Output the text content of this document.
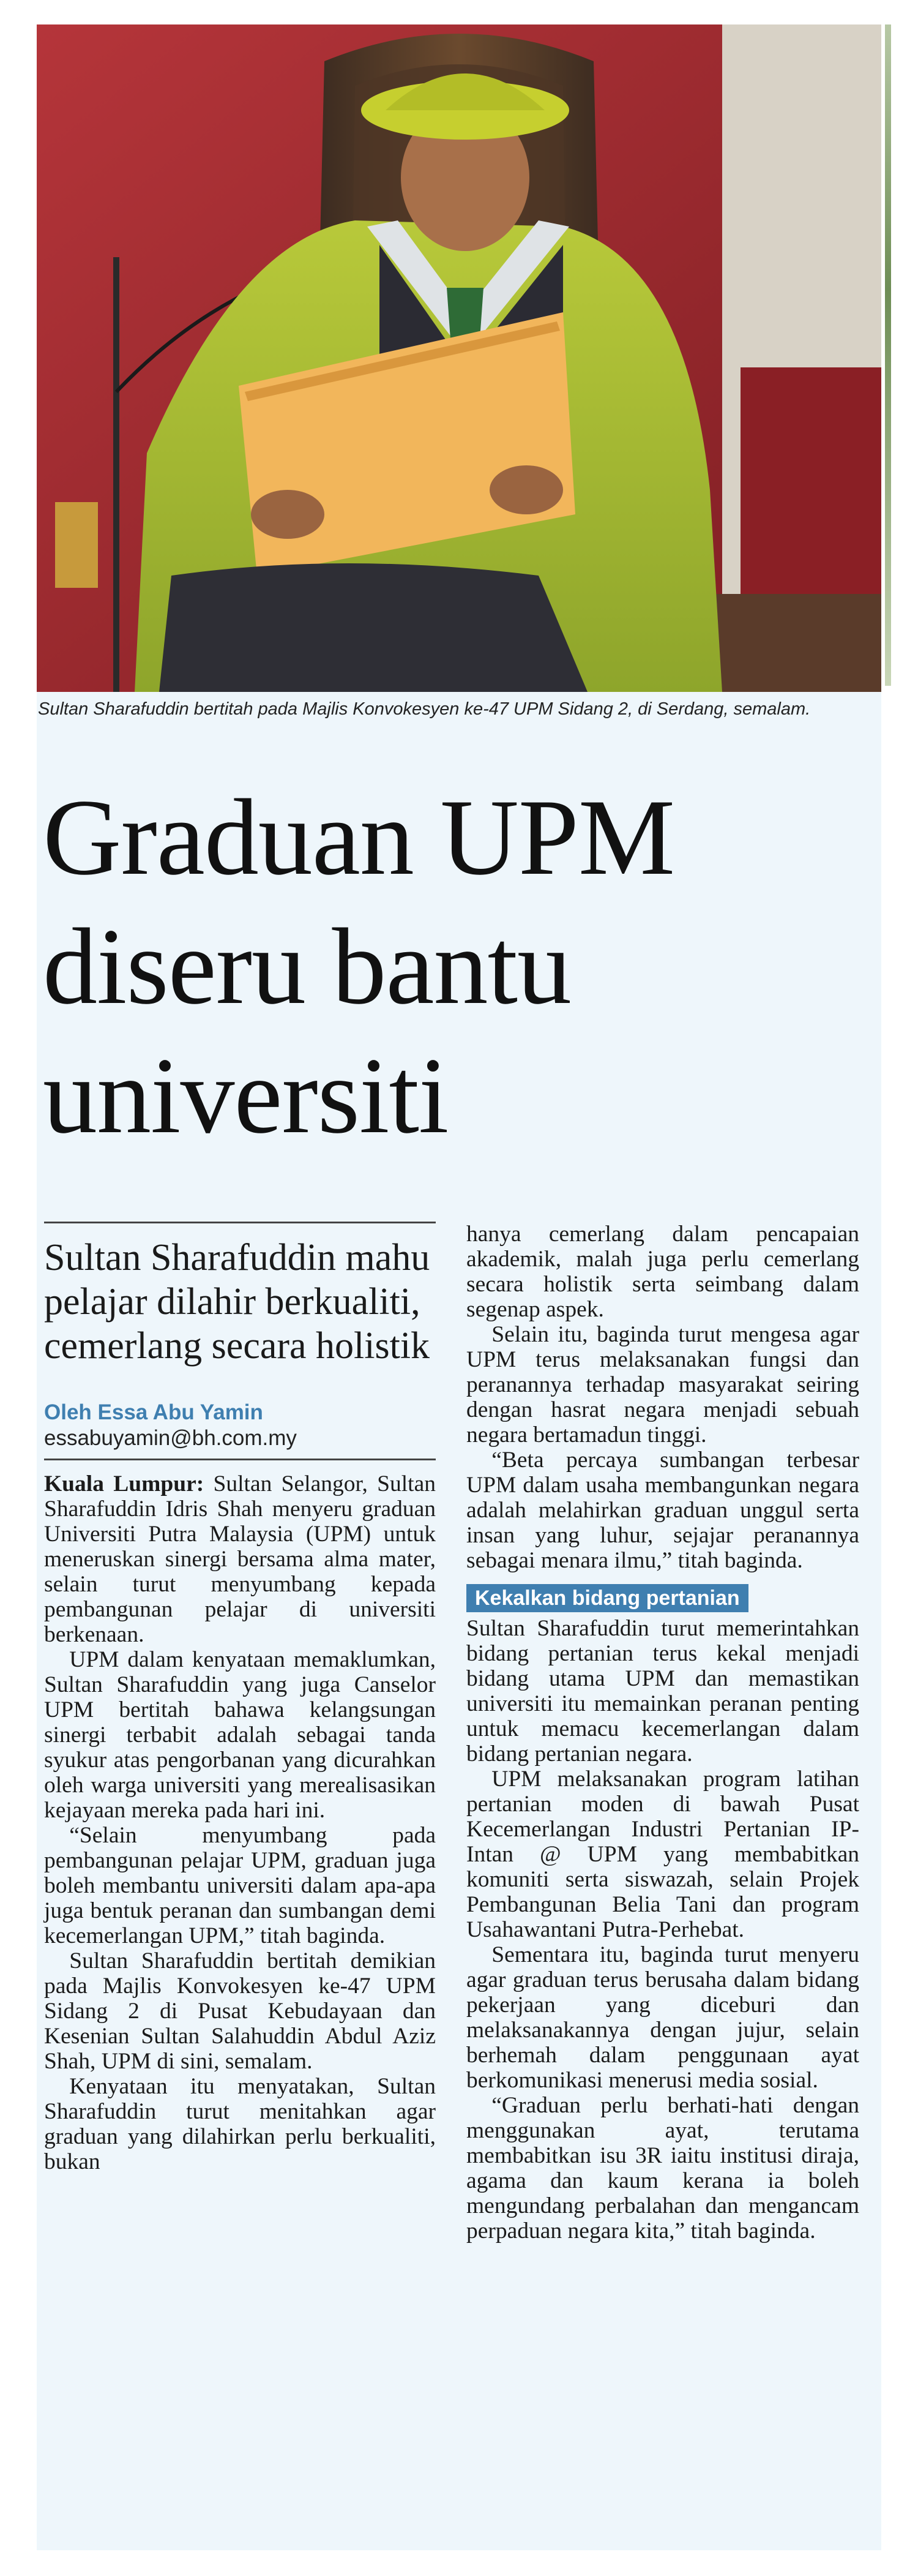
Sultan Sharafuddin bertitah pada Majlis Konvokesyen ke-47 UPM Sidang 2, di Serdang, semalam.
Graduan UPM diseru bantu universiti
Sultan Sharafuddin mahu pelajar dilahir berkualiti, cemerlang secara holistik
Oleh Essa Abu Yamin
essabuyamin@bh.com.my

Kuala Lumpur: Sultan Selangor, Sultan Sharafuddin Idris Shah menyeru graduan Universiti Putra Malaysia (UPM) untuk meneruskan sinergi bersama alma mater, selain turut menyumbang kepada pembangunan pelajar di universiti berkenaan.

UPM dalam kenyataan memaklumkan, Sultan Sharafuddin yang juga Canselor UPM bertitah bahawa kelangsungan sinergi terbabit adalah sebagai tanda syukur atas pengorbanan yang dicurahkan oleh warga universiti yang merealisasikan kejayaan mereka pada hari ini.

“Selain menyumbang pada pembangunan pelajar UPM, graduan juga boleh membantu universiti dalam apa-apa juga bentuk peranan dan sumbangan demi kecemerlangan UPM,” titah baginda.

Sultan Sharafuddin bertitah demikian pada Majlis Konvokesyen ke-47 UPM Sidang 2 di Pusat Kebudayaan dan Kesenian Sultan Salahuddin Abdul Aziz Shah, UPM di sini, semalam.

Kenyataan itu menyatakan, Sultan Sharafuddin turut menitahkan agar graduan yang dilahirkan perlu berkualiti, bukan

hanya cemerlang dalam pencapaian akademik, malah juga perlu cemerlang secara holistik serta seimbang dalam segenap aspek.

Selain itu, baginda turut mengesa agar UPM terus melaksanakan fungsi dan peranannya terhadap masyarakat seiring dengan hasrat negara menjadi sebuah negara bertamadun tinggi.

“Beta percaya sumbangan terbesar UPM dalam usaha membangunkan negara adalah melahirkan graduan unggul serta insan yang luhur, sejajar peranannya sebagai menara ilmu,” titah baginda.

Kekalkan bidang pertanian

Sultan Sharafuddin turut memerintahkan bidang pertanian terus kekal menjadi bidang utama UPM dan memastikan universiti itu memainkan peranan penting untuk memacu kecemerlangan dalam bidang pertanian negara.

UPM melaksanakan program latihan pertanian moden di bawah Pusat Kecemerlangan Industri Pertanian IP-Intan @ UPM yang membabitkan komuniti serta siswazah, selain Projek Pembangunan Belia Tani dan program Usahawantani Putra-Perhebat.

Sementara itu, baginda turut menyeru agar graduan terus berusaha dalam bidang pekerjaan yang diceburi dan melaksanakannya dengan jujur, selain berhemah dalam penggunaan ayat berkomunikasi menerusi media sosial.

“Graduan perlu berhati-hati dengan menggunakan ayat, terutama membabitkan isu 3R iaitu institusi diraja, agama dan kaum kerana ia boleh mengundang perbalahan dan mengancam perpaduan negara kita,” titah baginda.
